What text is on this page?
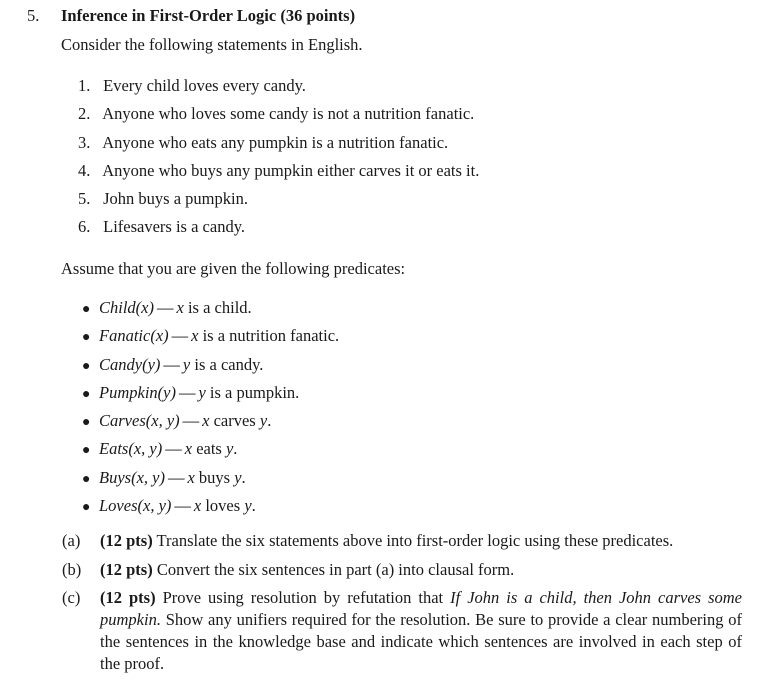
5. Inference in First-Order Logic (36 points)
Consider the following statements in English.
1. Every child loves every candy.
2. Anyone who loves some candy is not a nutrition fanatic.
3. Anyone who eats any pumpkin is a nutrition fanatic.
4. Anyone who buys any pumpkin either carves it or eats it.
5. John buys a pumpkin.
6. Lifesavers is a candy.
Assume that you are given the following predicates:
● Child(x) — x is a child.
● Fanatic(x) — x is a nutrition fanatic.
● Candy(y) — y is a candy.
● Pumpkin(y) — y is a pumpkin.
● Carves(x, y) — x carves y.
● Eats(x, y) — x eats y.
● Buys(x, y) — x buys y.
● Loves(x, y) — x loves y.
(a) (12 pts) Translate the six statements above into first-order logic using these predicates.
(b) (12 pts) Convert the six sentences in part (a) into clausal form.
(c) (12 pts) Prove using resolution by refutation that If John is a child, then John carves some pumpkin. Show any unifiers required for the resolution. Be sure to provide a clear numbering of the sentences in the knowledge base and indicate which sentences are involved in each step of the proof.
